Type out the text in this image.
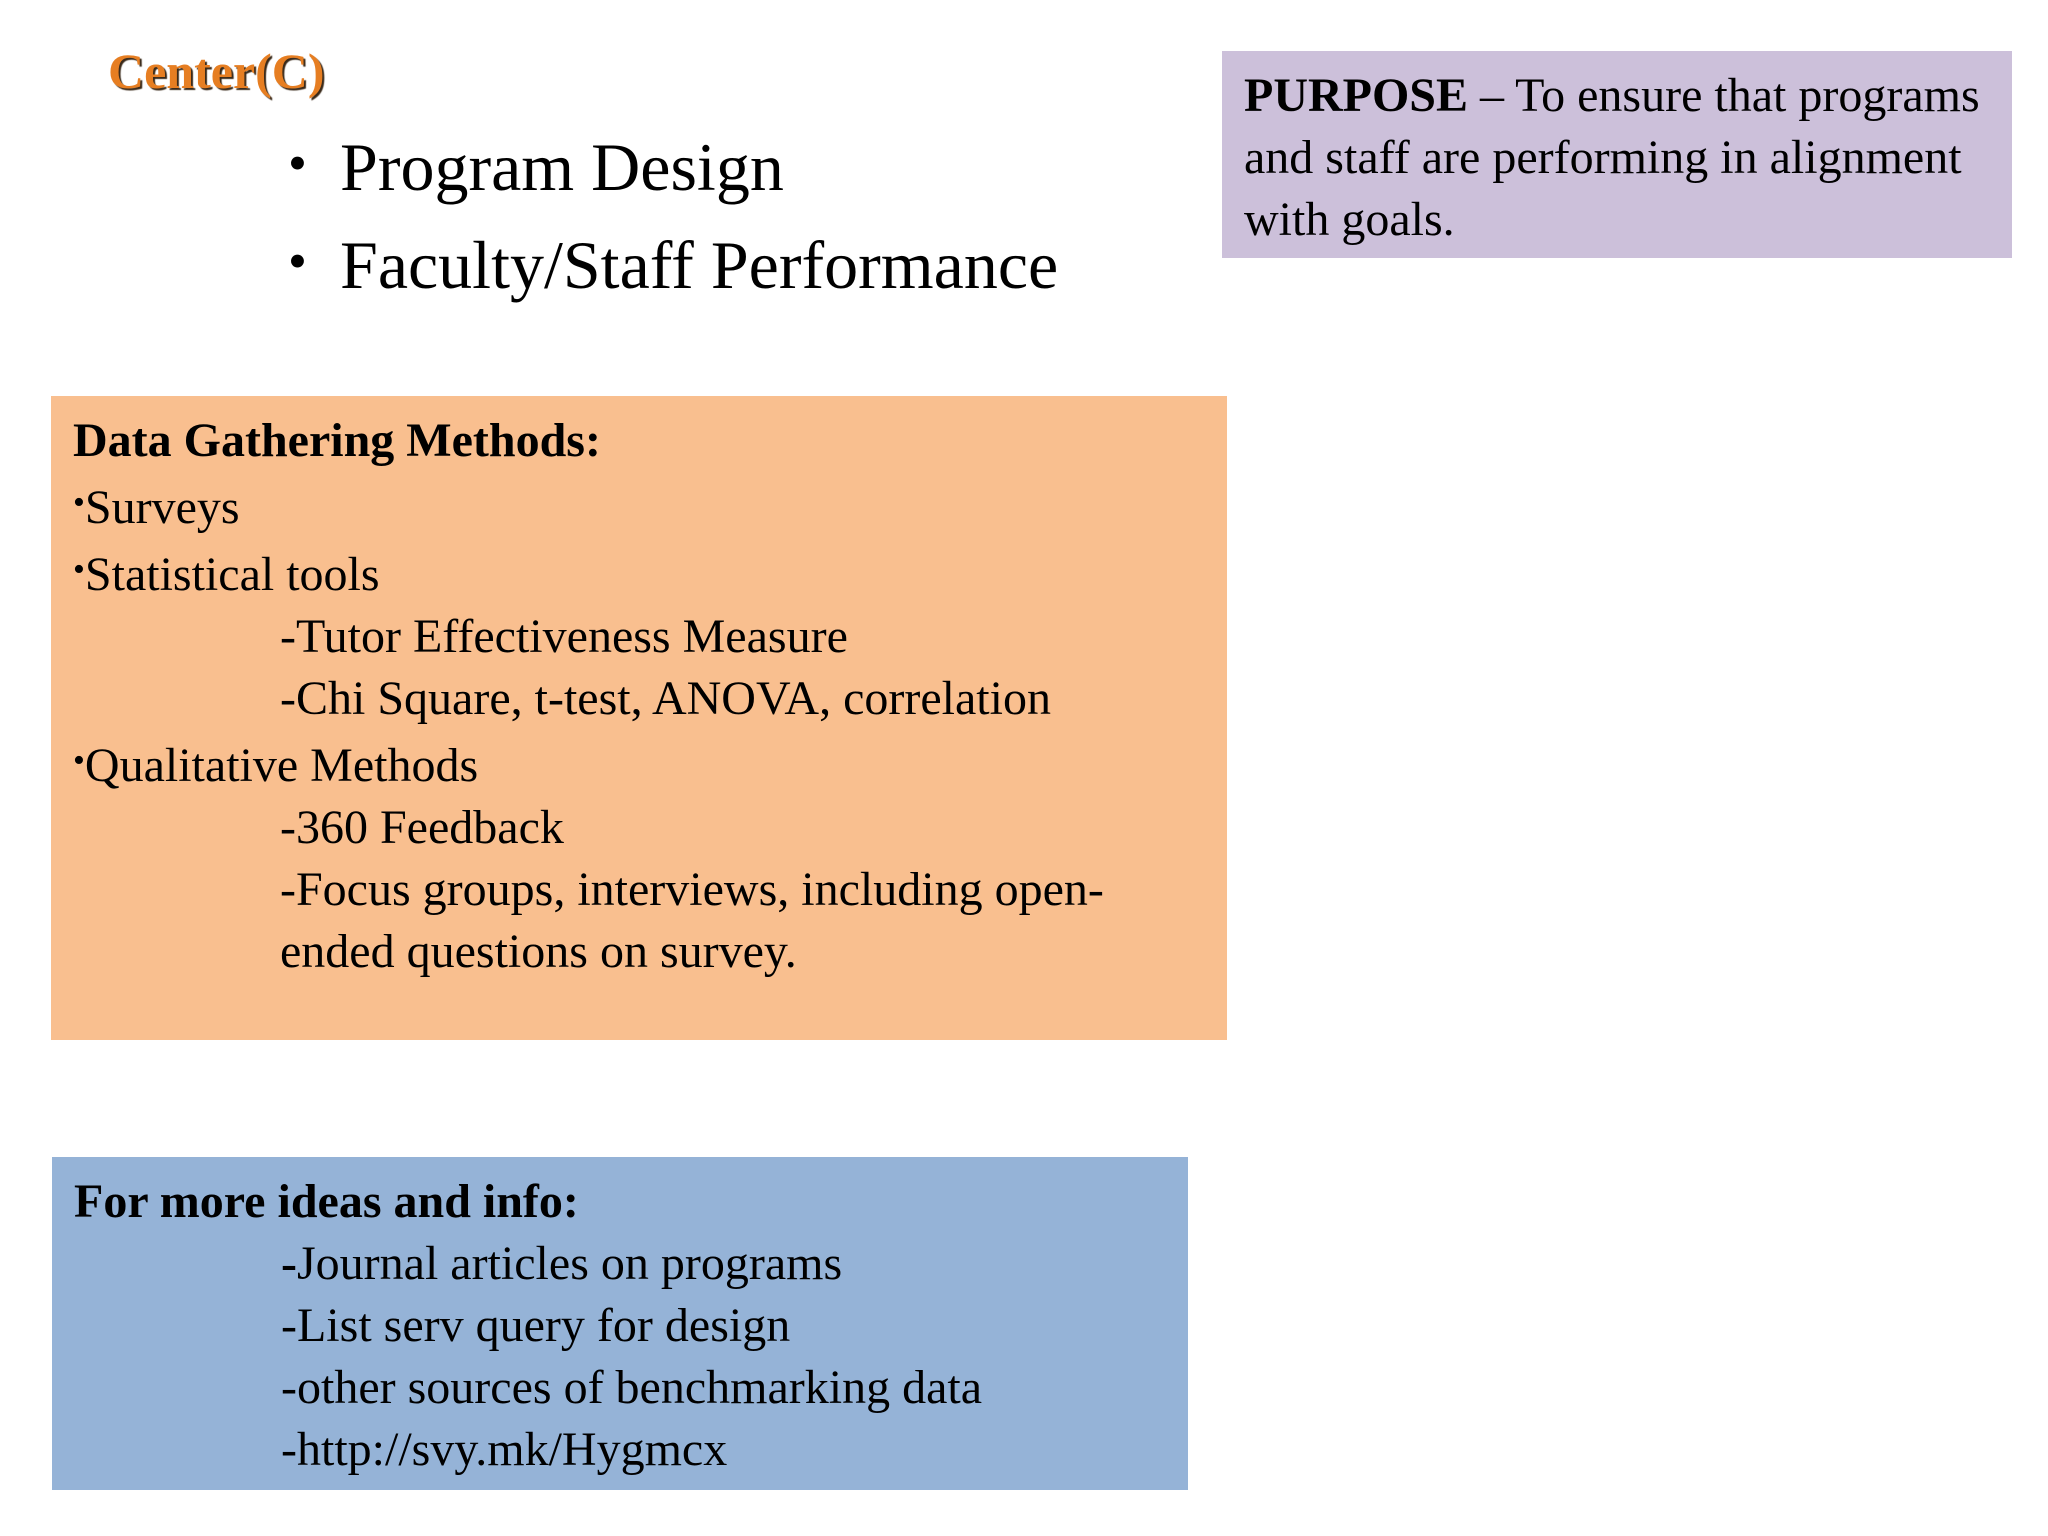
Center(C)
• Program Design
• Faculty/Staff Performance
PURPOSE – To ensure that programs and staff are performing in alignment with goals.
Data Gathering Methods:
•Surveys
•Statistical tools
-Tutor Effectiveness Measure
-Chi Square, t-test, ANOVA, correlation
•Qualitative Methods
-360 Feedback
-Focus groups, interviews, including open-
ended questions on survey.
For more ideas and info:
-Journal articles on programs
-List serv query for design
-other sources of benchmarking data
-http://svy.mk/Hygmcx
